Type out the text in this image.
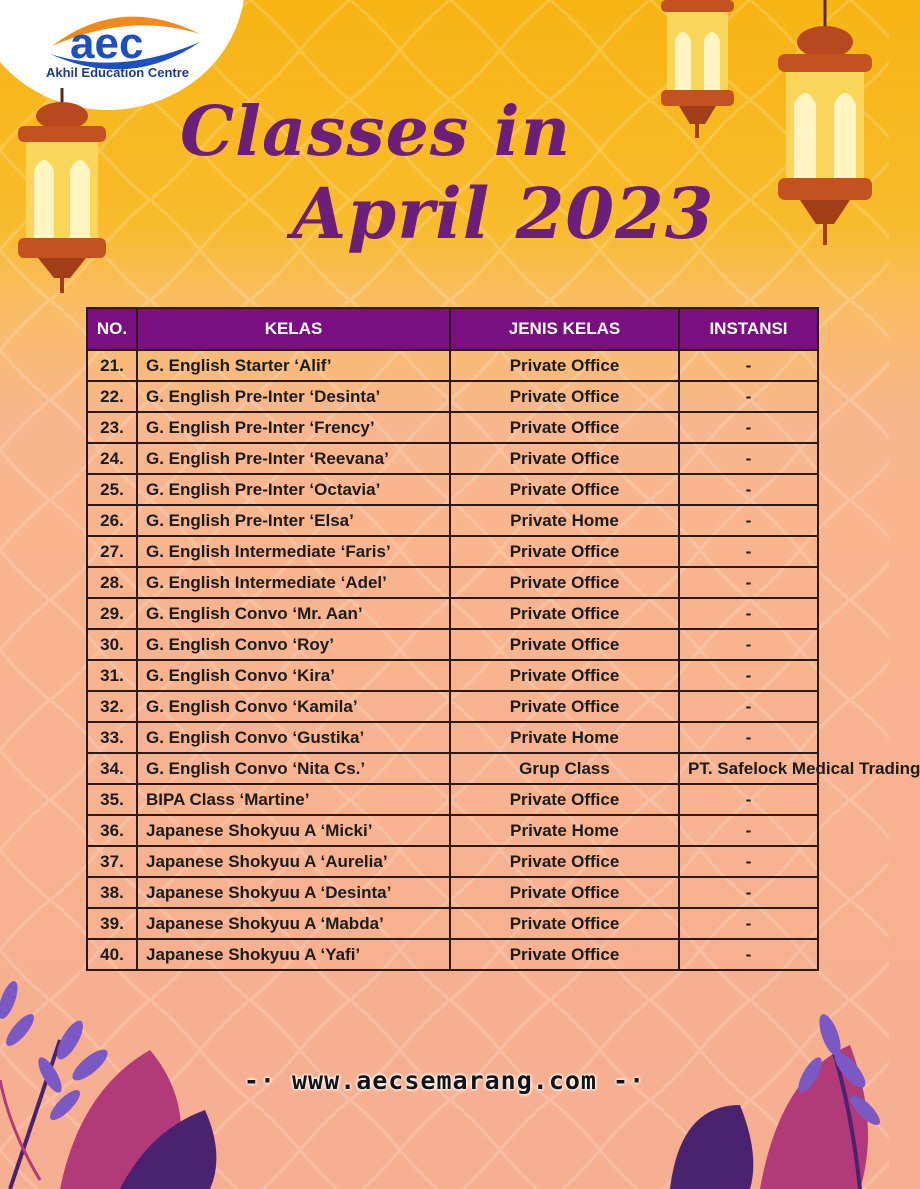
aec
Akhil Education Centre
Classes in
April 2023
NO.	KELAS	JENIS KELAS	INSTANSI
21.	G. English Starter ‘Alif’	Private Office	-
22.	G. English Pre-Inter ‘Desinta’	Private Office	-
23.	G. English Pre-Inter ‘Frency’	Private Office	-
24.	G. English Pre-Inter ‘Reevana’	Private Office	-
25.	G. English Pre-Inter ‘Octavia’	Private Office	-
26.	G. English Pre-Inter ‘Elsa’	Private Home	-
27.	G. English Intermediate ‘Faris’	Private Office	-
28.	G. English Intermediate ‘Adel’	Private Office	-
29.	G. English Convo ‘Mr. Aan’	Private Office	-
30.	G. English Convo ‘Roy’	Private Office	-
31.	G. English Convo ‘Kira’	Private Office	-
32.	G. English Convo ‘Kamila’	Private Office	-
33.	G. English Convo ‘Gustika’	Private Home	-
34.	G. English Convo ‘Nita Cs.’	Grup Class	PT. Safelock Medical Trading
35.	BIPA Class ‘Martine’	Private Office	-
36.	Japanese Shokyuu A ‘Micki’	Private Home	-
37.	Japanese Shokyuu A ‘Aurelia’	Private Office	-
38.	Japanese Shokyuu A ‘Desinta’	Private Office	-
39.	Japanese Shokyuu A ‘Mabda’	Private Office	-
40.	Japanese Shokyuu A ‘Yafi’	Private Office	-
-· www.aecsemarang.com -·
